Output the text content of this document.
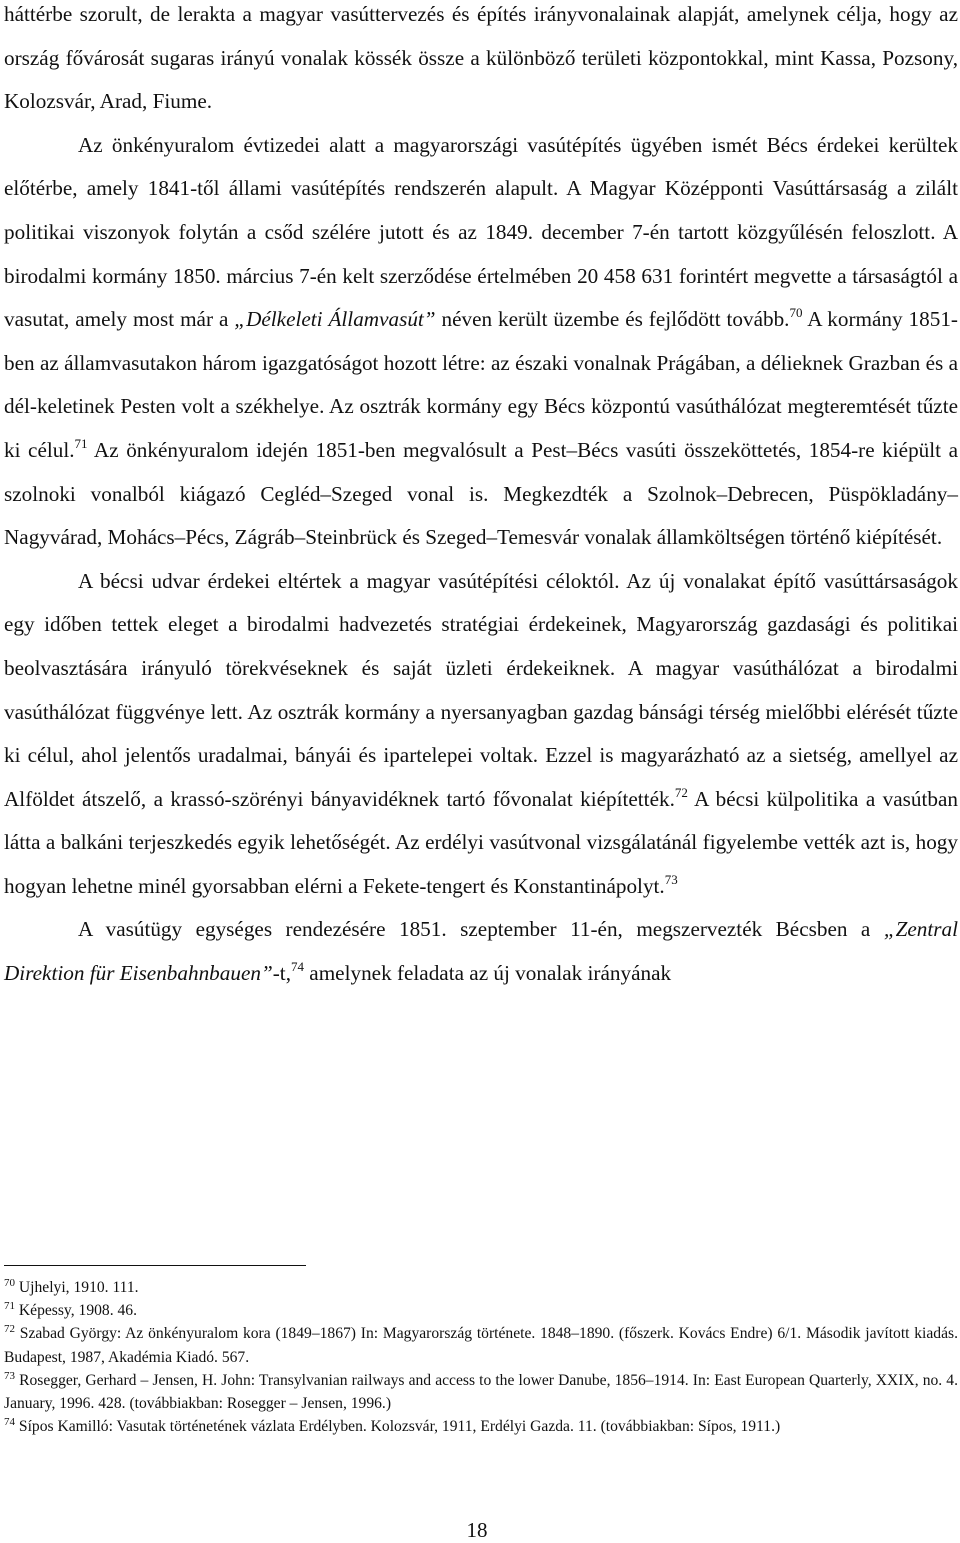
háttérbe szorult, de lerakta a magyar vasúttervezés és építés irányvonalainak alapját, amelynek célja, hogy az ország fővárosát sugaras irányú vonalak kössék össze a különböző területi központokkal, mint Kassa, Pozsony, Kolozsvár, Arad, Fiume.

Az önkényuralom évtizedei alatt a magyarországi vasútépítés ügyében ismét Bécs érdekei kerültek előtérbe, amely 1841-től állami vasútépítés rendszerén alapult. A Magyar Középponti Vasúttársaság a zilált politikai viszonyok folytán a csőd szélére jutott és az 1849. december 7-én tartott közgyűlésén feloszlott. A birodalmi kormány 1850. március 7-én kelt szerződése értelmében 20 458 631 forintért megvette a társaságtól a vasutat, amely most már a „Délkeleti Államvasút” néven került üzembe és fejlődött tovább.$^{70}$ A kormány 1851-ben az államvasutakon három igazgatóságot hozott létre: az északi vonalnak Prágában, a délieknek Grazban és a dél-keletinek Pesten volt a székhelye. Az osztrák kormány egy Bécs központú vasúthálózat megteremtését tűzte ki célul.$^{71}$ Az önkényuralom idején 1851-ben megvalósult a Pest–Bécs vasúti összeköttetés, 1854-re kiépült a szolnoki vonalból kiágazó Cegléd–Szeged vonal is. Megkezdték a Szolnok–Debrecen, Püspökladány–Nagyvárad, Mohács–Pécs, Zágráb–Steinbrück és Szeged–Temesvár vonalak államköltségen történő kiépítését.

A bécsi udvar érdekei eltértek a magyar vasútépítési céloktól. Az új vonalakat építő vasúttársaságok egy időben tettek eleget a birodalmi hadvezetés stratégiai érdekeinek, Magyarország gazdasági és politikai beolvasztására irányuló törekvéseknek és saját üzleti érdekeiknek. A magyar vasúthálózat a birodalmi vasúthálózat függvénye lett. Az osztrák kormány a nyersanyagban gazdag bánsági térség mielőbbi elérését tűzte ki célul, ahol jelentős uradalmai, bányái és ipartelepei voltak. Ezzel is magyarázható az a sietség, amellyel az Alföldet átszelő, a krassó-szörényi bányavidéknek tartó fővonalat kiépítették.$^{72}$ A bécsi külpolitika a vasútban látta a balkáni terjeszkedés egyik lehetőségét. Az erdélyi vasútvonal vizsgálatánál figyelembe vették azt is, hogy hogyan lehetne minél gyorsabban elérni a Fekete-tengert és Konstantinápolyt.$^{73}$

A vasútügy egységes rendezésére 1851. szeptember 11-én, megszervezték Bécsben a „Zentral Direktion für Eisenbahnbauen”-t,$^{74}$ amelynek feladata az új vonalak irányának

$^{70}$ Ujhelyi, 1910. 111.

$^{71}$ Képessy, 1908. 46.

$^{72}$ Szabad György: Az önkényuralom kora (1849–1867) In: Magyarország története. 1848–1890. (főszerk. Kovács Endre) 6/1. Második javított kiadás. Budapest, 1987, Akadémia Kiadó. 567.

$^{73}$ Rosegger, Gerhard – Jensen, H. John: Transylvanian railways and access to the lower Danube, 1856–1914. In: East European Quarterly, XXIX, no. 4. January, 1996. 428. (továbbiakban: Rosegger – Jensen, 1996.)

$^{74}$ Sípos Kamilló: Vasutak történetének vázlata Erdélyben. Kolozsvár, 1911, Erdélyi Gazda. 11. (továbbiakban: Sípos, 1911.)

18
